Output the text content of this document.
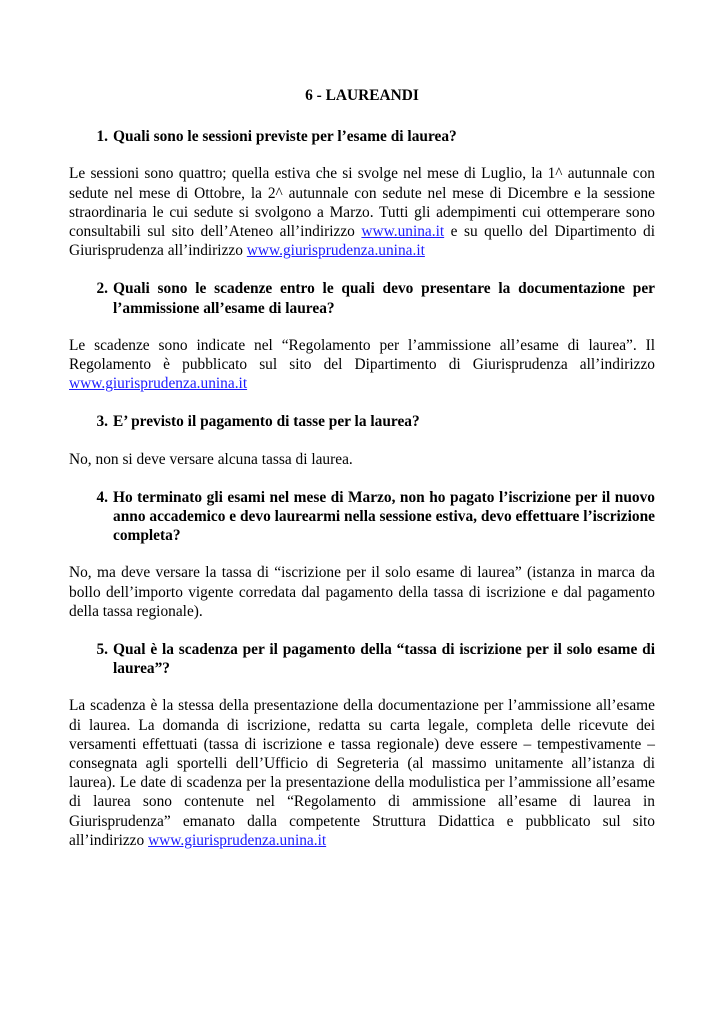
6 - LAUREANDI
1. Quali sono le sessioni previste per l’esame di laurea?
Le sessioni sono quattro; quella estiva che si svolge nel mese di Luglio, la 1^ autunnale con sedute nel mese di Ottobre, la 2^ autunnale con sedute nel mese di Dicembre e la sessione straordinaria le cui sedute si svolgono a Marzo. Tutti gli adempimenti cui ottemperare sono consultabili sul sito dell’Ateneo all’indirizzo www.unina.it e su quello del Dipartimento di Giurisprudenza all’indirizzo www.giurisprudenza.unina.it
2. Quali sono le scadenze entro le quali devo presentare la documentazione per l’ammissione all’esame di laurea?
Le scadenze sono indicate nel “Regolamento per l’ammissione all’esame di laurea”. Il Regolamento è pubblicato sul sito del Dipartimento di Giurisprudenza all’indirizzo www.giurisprudenza.unina.it
3. E’ previsto il pagamento di tasse per la laurea?
No, non si deve versare alcuna tassa di laurea.
4. Ho terminato gli esami nel mese di Marzo, non ho pagato l’iscrizione per il nuovo anno accademico e devo laurearmi nella sessione estiva, devo effettuare l’iscrizione completa?
No, ma deve versare la tassa di “iscrizione per il solo esame di laurea” (istanza in marca da bollo dell’importo vigente corredata dal pagamento della tassa di iscrizione e dal pagamento della tassa regionale).
5. Qual è la scadenza per il pagamento della “tassa di iscrizione per il solo esame di laurea”?
La scadenza è la stessa della presentazione della documentazione per l’ammissione all’esame di laurea. La domanda di iscrizione, redatta su carta legale, completa delle ricevute dei versamenti effettuati (tassa di iscrizione e tassa regionale) deve essere – tempestivamente – consegnata agli sportelli dell’Ufficio di Segreteria (al massimo unitamente all’istanza di laurea). Le date di scadenza per la presentazione della modulistica per l’ammissione all’esame di laurea sono contenute nel “Regolamento di ammissione all’esame di laurea in Giurisprudenza” emanato dalla competente Struttura Didattica e pubblicato sul sito all’indirizzo www.giurisprudenza.unina.it
